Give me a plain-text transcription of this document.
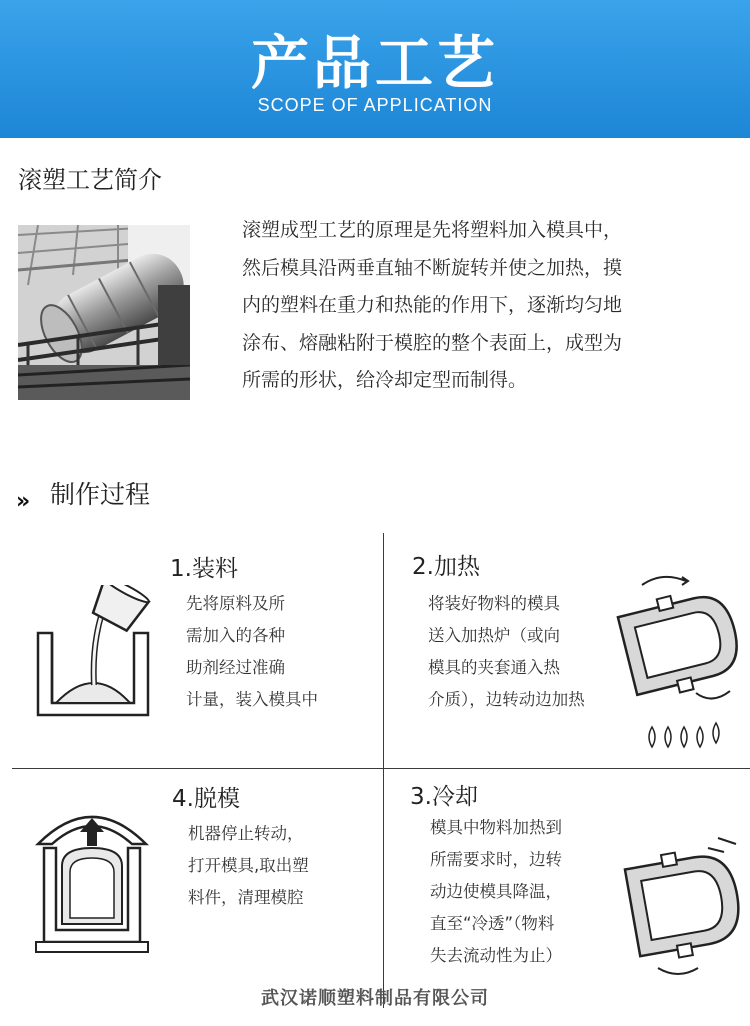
产品工艺
SCOPE OF APPLICATION
滚塑工艺简介
滚塑成型工艺的原理是先将塑料加入模具中，
然后模具沿两垂直轴不断旋转并使之加热，摸
内的塑料在重力和热能的作用下，逐渐均匀地
涂布、熔融粘附于模腔的整个表面上，成型为
所需的形状，给冷却定型而制得。
» 制作过程
1.装料
先将原料及所
需加入的各种
助剂经过准确
计量，装入模具中
2.加热
将装好物料的模具
送入加热炉（或向
模具的夹套通入热
介质），边转动边加热
4.脱模
机器停止转动，
打开模具,取出塑
料件，清理模腔
3.冷却
模具中物料加热到
所需要求时，边转
动边使模具降温，
直至“冷透”（物料
失去流动性为止）
武汉诺顺塑料制品有限公司
